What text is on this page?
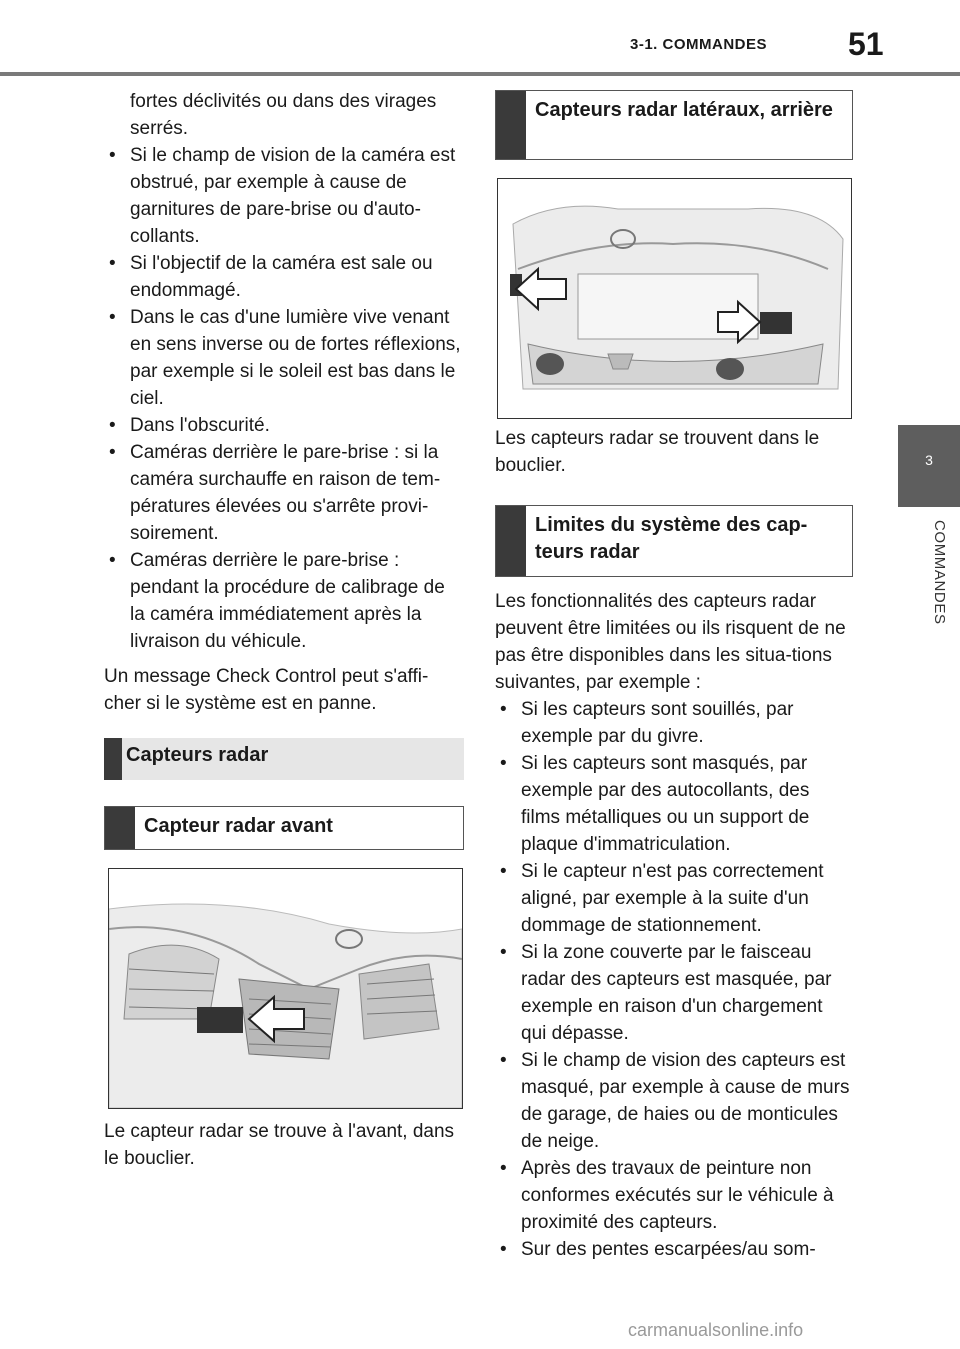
3-1. COMMANDES	51
3
COMMANDES

fortes déclivités ou dans des virages serrés.

• Si le champ de vision de la caméra est obstrué, par exemple à cause de garnitures de pare-brise ou d'auto-collants.
• Si l'objectif de la caméra est sale ou endommagé.
• Dans le cas d'une lumière vive venant en sens inverse ou de fortes réflexions, par exemple si le soleil est bas dans le ciel.
• Dans l'obscurité.
• Caméras derrière le pare-brise : si la caméra surchauffe en raison de tem-pératures élevées ou s'arrête provi-soirement.
• Caméras derrière le pare-brise : pendant la procédure de calibrage de la caméra immédiatement après la livraison du véhicule.

Un message Check Control peut s'affi-cher si le système est en panne.

Capteurs radar
Capteur radar avant

Le capteur radar se trouve à l'avant, dans le bouclier.

Capteurs radar latéraux, arrière

Les capteurs radar se trouvent dans le bouclier.

Limites du système des cap-teurs radar

Les fonctionnalités des capteurs radar peuvent être limitées ou ils risquent de ne pas être disponibles dans les situa-tions suivantes, par exemple :

• Si les capteurs sont souillés, par exemple par du givre.
• Si les capteurs sont masqués, par exemple par des autocollants, des films métalliques ou un support de plaque d'immatriculation.
• Si le capteur n'est pas correctement aligné, par exemple à la suite d'un dommage de stationnement.
• Si la zone couverte par le faisceau radar des capteurs est masquée, par exemple en raison d'un chargement qui dépasse.
• Si le champ de vision des capteurs est masqué, par exemple à cause de murs de garage, de haies ou de monticules de neige.
• Après des travaux de peinture non conformes exécutés sur le véhicule à proximité des capteurs.
• Sur des pentes escarpées/au som-
carmanualsonline.info
